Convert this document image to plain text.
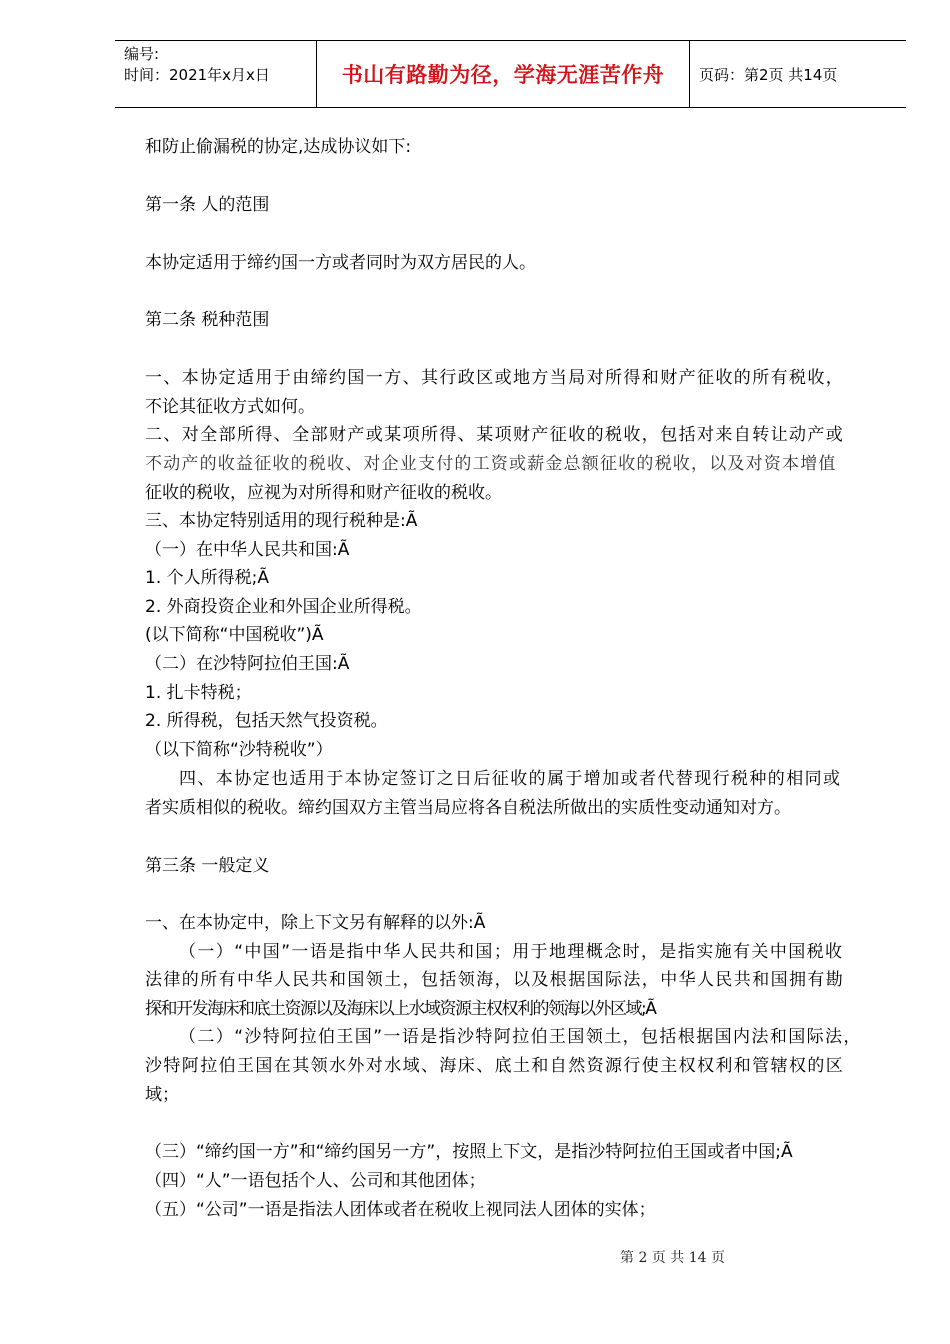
编号:
时间：2021年x月x日	书山有路勤为径，学海无涯苦作舟	页码：第2页 共14页
和防止偷漏税的协定,达成协议如下:
第一条 人的范围
本协定适用于缔约国一方或者同时为双方居民的人。
第二条 税种范围
一、本协定适用于由缔约国一方、其行政区或地方当局对所得和财产征收的所有税收，
不论其征收方式如何。
二、对全部所得、全部财产或某项所得、某项财产征收的税收，包括对来自转让动产或
不动产的收益征收的税收、对企业支付的工资或薪金总额征收的税收，以及对资本增值
征收的税收，应视为对所得和财产征收的税收。
三、本协定特别适用的现行税种是:Ã
（一）在中华人民共和国:Ã
1. 个人所得税;Ã
2. 外商投资企业和外国企业所得税。
(以下简称“中国税收”)Ã
（二）在沙特阿拉伯王国:Ã
1. 扎卡特税；
2. 所得税，包括天然气投资税。
（以下简称“沙特税收”）
四、本协定也适用于本协定签订之日后征收的属于增加或者代替现行税种的相同或
者实质相似的税收。缔约国双方主管当局应将各自税法所做出的实质性变动通知对方。
第三条 一般定义
一、在本协定中，除上下文另有解释的以外:Ã
（一）“中国”一语是指中华人民共和国；用于地理概念时，是指实施有关中国税收
法律的所有中华人民共和国领土，包括领海，以及根据国际法，中华人民共和国拥有勘
探和开发海床和底土资源以及海床以上水域资源主权权利的领海以外区域;Ã
（二）“沙特阿拉伯王国”一语是指沙特阿拉伯王国领土，包括根据国内法和国际法，
沙特阿拉伯王国在其领水外对水域、海床、底土和自然资源行使主权权利和管辖权的区
域；
（三）“缔约国一方”和“缔约国另一方”，按照上下文，是指沙特阿拉伯王国或者中国;Ã
（四）“人”一语包括个人、公司和其他团体；
（五）“公司”一语是指法人团体或者在税收上视同法人团体的实体；
第 2 页 共 14 页
